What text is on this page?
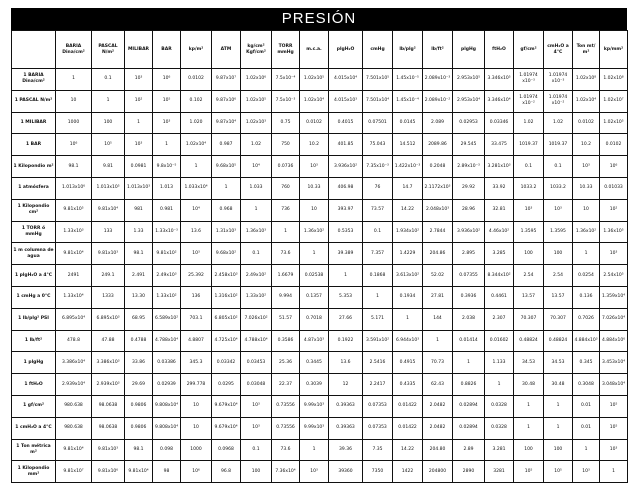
PRESIÓN
	BARIA Dina/cm²	PASCAL N/m²	MILIBAR	BAR	kp/m²	ATM	kg/cm² Kgf/cm²	TORR mmHg	m.c.a.	plgH₂O	cmHg	lb/plg²	lb/ft²	plgHg	ftH₂O	gf/cm²	cmH₂O a 4°C	Ton mt/ m²	kp/mm²
1 BARIA Dina/cm²	1	0.1	10³	10⁶	0.0102	9.87x10⁷	1.02x10⁶	7.5x10⁻⁴	1.02x10⁵	4.015x10⁴	7.501x10⁵	1.45x10⁻⁵	2.089x10⁻³	2.953x10⁵	3.346x10⁵	1.01974 x10⁻³	1.01974 x10⁻³	1.02x10⁸	1.02x10⁸
1 PASCAL N/m²	10	1	10²	10⁵	0.102	9.87x10⁶	1.02x10⁵	7.5x10⁻³	1.02x10⁴	4.015x10³	7.501x10⁴	1.45x10⁻⁴	2.089x10⁻²	2.953x10⁴	3.346x10⁴	1.01974 x10⁻²	1.01974 x10⁻²	1.02x10⁴	1.02x10⁷
1 MILIBAR	1000	100	1	10³	1.020	9.87x10⁴	1.02x10³	0.75	0.0102	0.4015	0.07501	0.0145	2.089	0.02953	0.03346	1.02	1.02	0.0102	1.02x10⁵
1 BAR	10⁶	10⁵	10³	1	1.02x10⁴	0.987	1.02	750	10.2	401.85	75.043	14.512	2089.86	29.545	33.475	1019.37	1019.37	10.2	0.0102
1 Kilopondio m²	98.1	9.81	0.0981	9.8x10⁻⁵	1	9.68x10⁵	10⁴	0.0736	10³	3.936x10²	7.35x10⁻³	1.422x10⁻³	0.2048	2.89x10⁻³	3.281x10³	0.1	0.1	10³	10⁶
1 atmósfera	1.013x10⁶	1.013x10⁵	1.013x10³	1.013	1.033x10⁴	1	1.033	760	10.33	406.98	76	14.7	2.1172x10³	29.92	33.92	1033.2	1033.2	10.33	0.01033
1 Kilopondio cm²	9.81x10⁵	9.81x10⁴	981	0.981	10⁴	0.968	1	736	10	393.97	73.57	14.22	2.048x10³	28.96	32.81	10³	10³	10	10²
1 TORR ó mmHg	1.33x10³	133	1.33	1.33x10⁻³	13.6	1.31x10³	1.36x10³	1	1.36x10²	0.5353	0.1	1.934x10²	2.7844	3.936x10²	4.46x10²	1.3595	1.3595	1.36x10²	1.36x10⁵
1 m columna de agua	9.81x10⁴	9.81x10³	98.1	9.81x10²	10³	9.68x10²	0.1	73.6	1	39.389	7.357	1.4229	204.86	2.895	3.285	100	100	1	10³
1 plgH₂O a 4°C	2491	249.1	2.491	2.49x10³	25.392	2.458x10³	2.49x10²	1.6679	0.02538	1	0.1868	3.613x10²	52.02	0.07355	8.344x10²	2.54	2.54	0.0254	2.54x10⁵
1 cmHg a 0°C	1.33x10⁴	1333	13.30	1.33x10²	136	1.316x10²	1.33x10²	9.994	0.1357	5.353	1	0.1934	27.81	0.3936	0.4461	13.57	13.57	0.136	1.359x10⁴
1 lb/plg² PSI	6.895x10⁴	6.895x10³	68.95	6.589x10²	703.1	6.805x10²	7.026x10²	51.57	0.7018	27.66	5.171	1	144	2.038	2.307	70.307	70.307	0.7026	7.026x10⁴
1 lb/ft²	478.8	47.88	0.4788	4.788x10⁴	4.8807	4.725x10⁴	4.788x10⁴	0.3586	4.87x10³	0.1922	3.591x10²	6.944x10³	1	0.01414	0.01602	0.48824	0.48824	4.884x10³	4.884x10⁶
1 plgHg	3.386x10⁴	3.386x10³	33.86	0.03386	345.3	0.03342	0.03453	25.36	0.3445	13.6	2.5416	0.4915	70.73	1	1.133	34.53	34.53	0.345	3.453x10⁴
1 ftH₂O	2.939x10⁴	2.939x10³	29.69	0.02939	299.778	0.0295	0.03048	22.37	0.3039	12	2.2417	0.4335	62.43	0.8826	1	30.48	30.48	0.3048	3.048x10⁴
1 gf/cm²	980.638	98.0638	0.9806	9.808x10⁴	10	9.679x10⁴	10³	0.73556	9.99x10³	0.39363	0.07353	0.01422	2.0482	0.02894	0.0328	1	1	0.01	10⁵
1 cmH₂O a 4°C	980.638	98.0638	0.9806	9.808x10⁴	10	9.679x10⁴	10³	0.73556	9.99x10³	0.39363	0.07353	0.01422	2.0482	0.02894	0.0328	1	1	0.01	10⁵
1 Ton métrica m²	9.81x10⁴	9.81x10³	98.1	0.098	1000	0.0968	0.1	73.6	1	39.36	7.35	14.22	204.80	2.89	3.281	100	100	1	10³
1 Kilopondio mm²	9.81x10⁷	9.81x10⁶	9.81x10⁴	98	10⁶	96.8	100	7.36x10⁴	10³	39360	7350	1422	204800	2890	3281	10⁵	10⁵	10³	1
